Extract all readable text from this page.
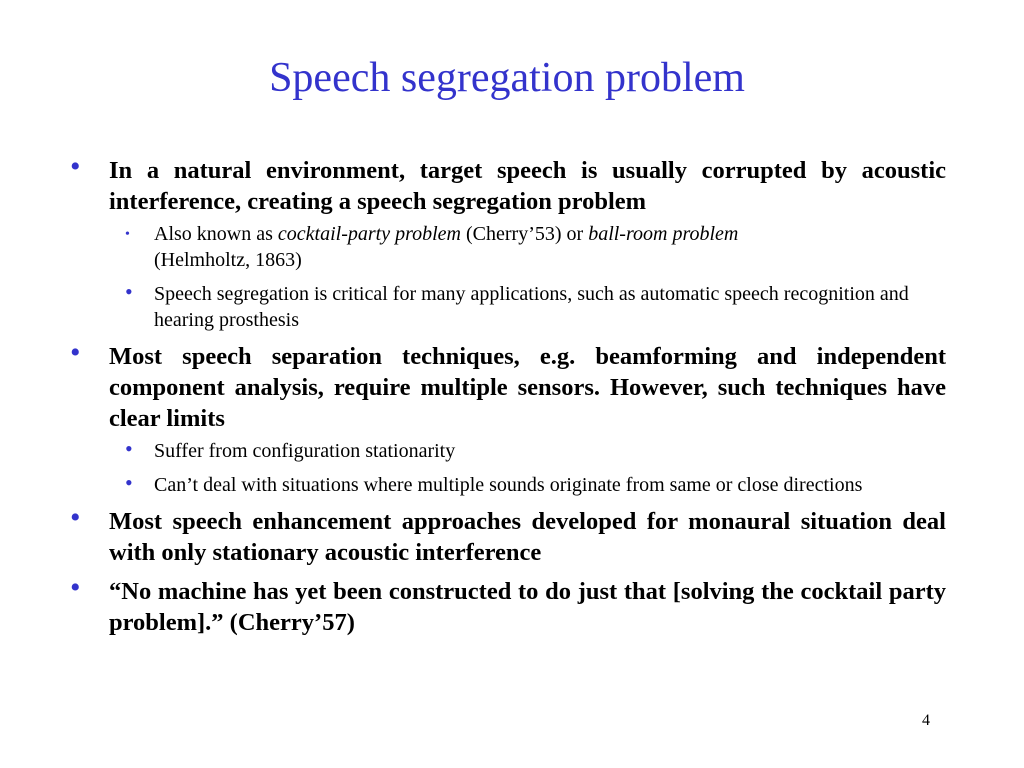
Speech segregation problem
• In a natural environment, target speech is usually corrupted by acoustic interference, creating a speech segregation problem
• Also known as cocktail-party problem (Cherry’53) or ball-room problem
(Helmholtz, 1863)
• Speech segregation is critical for many applications, such as automatic speech recognition and hearing prosthesis
• Most speech separation techniques, e.g. beamforming and independent component analysis, require multiple sensors. However, such techniques have clear limits
• Suffer from configuration stationarity
• Can’t deal with situations where multiple sounds originate from same or close directions
• Most speech enhancement approaches developed for monaural situation deal with only stationary acoustic interference
• “No machine has yet been constructed to do just that [solving the cocktail party problem].” (Cherry’57)
4
